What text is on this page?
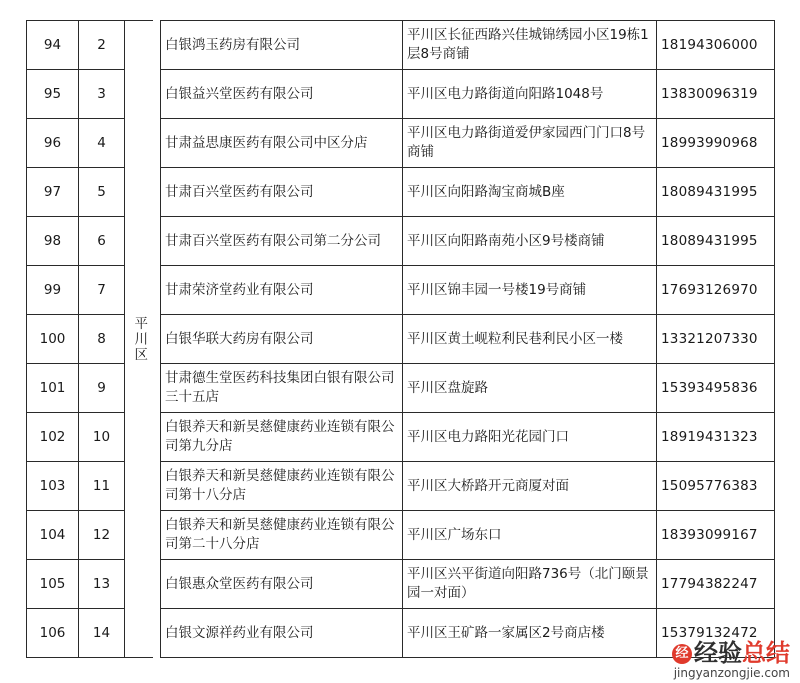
94	2	平川区		白银鸿玉药房有限公司	平川区长征西路兴佳城锦绣园小区19栋1层8号商铺	18194306000
95	3			白银益兴堂医药有限公司	平川区电力路街道向阳路1048号	13830096319
96	4			甘肃益思康医药有限公司中区分店	平川区电力路街道爱伊家园西门门口8号商铺	18993990968
97	5			甘肃百兴堂医药有限公司	平川区向阳路淘宝商城B座	18089431995
98	6			甘肃百兴堂医药有限公司第二分公司	平川区向阳路南苑小区9号楼商铺	18089431995
99	7			甘肃荣济堂药业有限公司	平川区锦丰园一号楼19号商铺	17693126970
100	8			白银华联大药房有限公司	平川区黄土岘粒利民巷利民小区一楼	13321207330
101	9			甘肃德生堂医药科技集团白银有限公司三十五店	平川区盘旋路	15393495836
102	10			白银养天和新昊慈健康药业连锁有限公司第九分店	平川区电力路阳光花园门口	18919431323
103	11			白银养天和新昊慈健康药业连锁有限公司第十八分店	平川区大桥路开元商厦对面	15095776383
104	12			白银养天和新昊慈健康药业连锁有限公司第二十八分店	平川区广场东口	18393099167
105	13			白银惠众堂医药有限公司	平川区兴平街道向阳路736号（北门颐景园一对面）	17794382247
106	14			白银文源祥药业有限公司	平川区王矿路一家属区2号商店楼	15379132472
经 经验总结
jingyanzongjie.com
